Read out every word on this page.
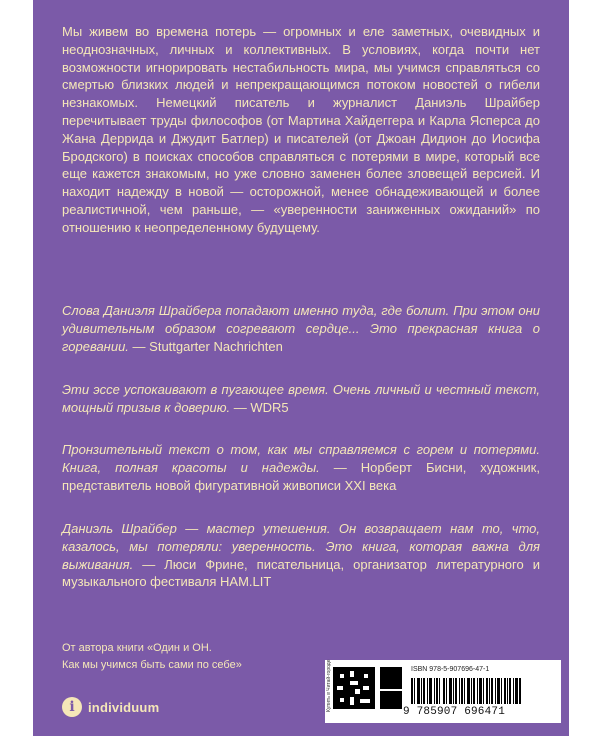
Мы живем во времена потерь — огромных и еле заметных, очевидных и неоднозначных, личных и коллективных. В условиях, когда почти нет возможности игнорировать нестабильность мира, мы учимся справляться со смертью близких людей и непрекращающимся потоком новостей о гибели незнакомых. Немецкий писатель и журналист Даниэль Шрайбер перечитывает труды философов (от Мартина Хайдеггера и Карла Ясперса до Жана Деррида и Джудит Батлер) и писателей (от Джоан Дидион до Иосифа Бродского) в поисках способов справляться с потерями в мире, который все еще кажется знакомым, но уже словно заменен более зловещей версией. И находит надежду в новой — осторожной, менее обнадеживающей и более реалистичной, чем раньше, — «уверенности заниженных ожиданий» по отношению к неопределенному будущему.

Слова Даниэля Шрайбера попадают именно туда, где болит. При этом они удивительным образом согревают сердце... Это прекрасная книга о горевании. — Stuttgarter Nachrichten

Эти эссе успокаивают в пугающее время. Очень личный и честный текст, мощный призыв к доверию. — WDR5

Пронзительный текст о том, как мы справляемся с горем и потерями. Книга, полная красоты и надежды. — Норберт Бисни, художник, представитель новой фигуративной живописи XXI века

Даниэль Шрайбер — мастер утешения. Он возвращает нам то, что, казалось, мы потеряли: уверенность. Это книга, которая важна для выживания. — Люси Фрине, писательница, организатор литературного и музыкального фестиваля HAM.LIT

От автора книги «Один и ОН.
Как мы учимся быть сами по себе»
i	individuum	Купить в Читай-городе	ISBN 978-5-907696-47-1
9 785907 696471
